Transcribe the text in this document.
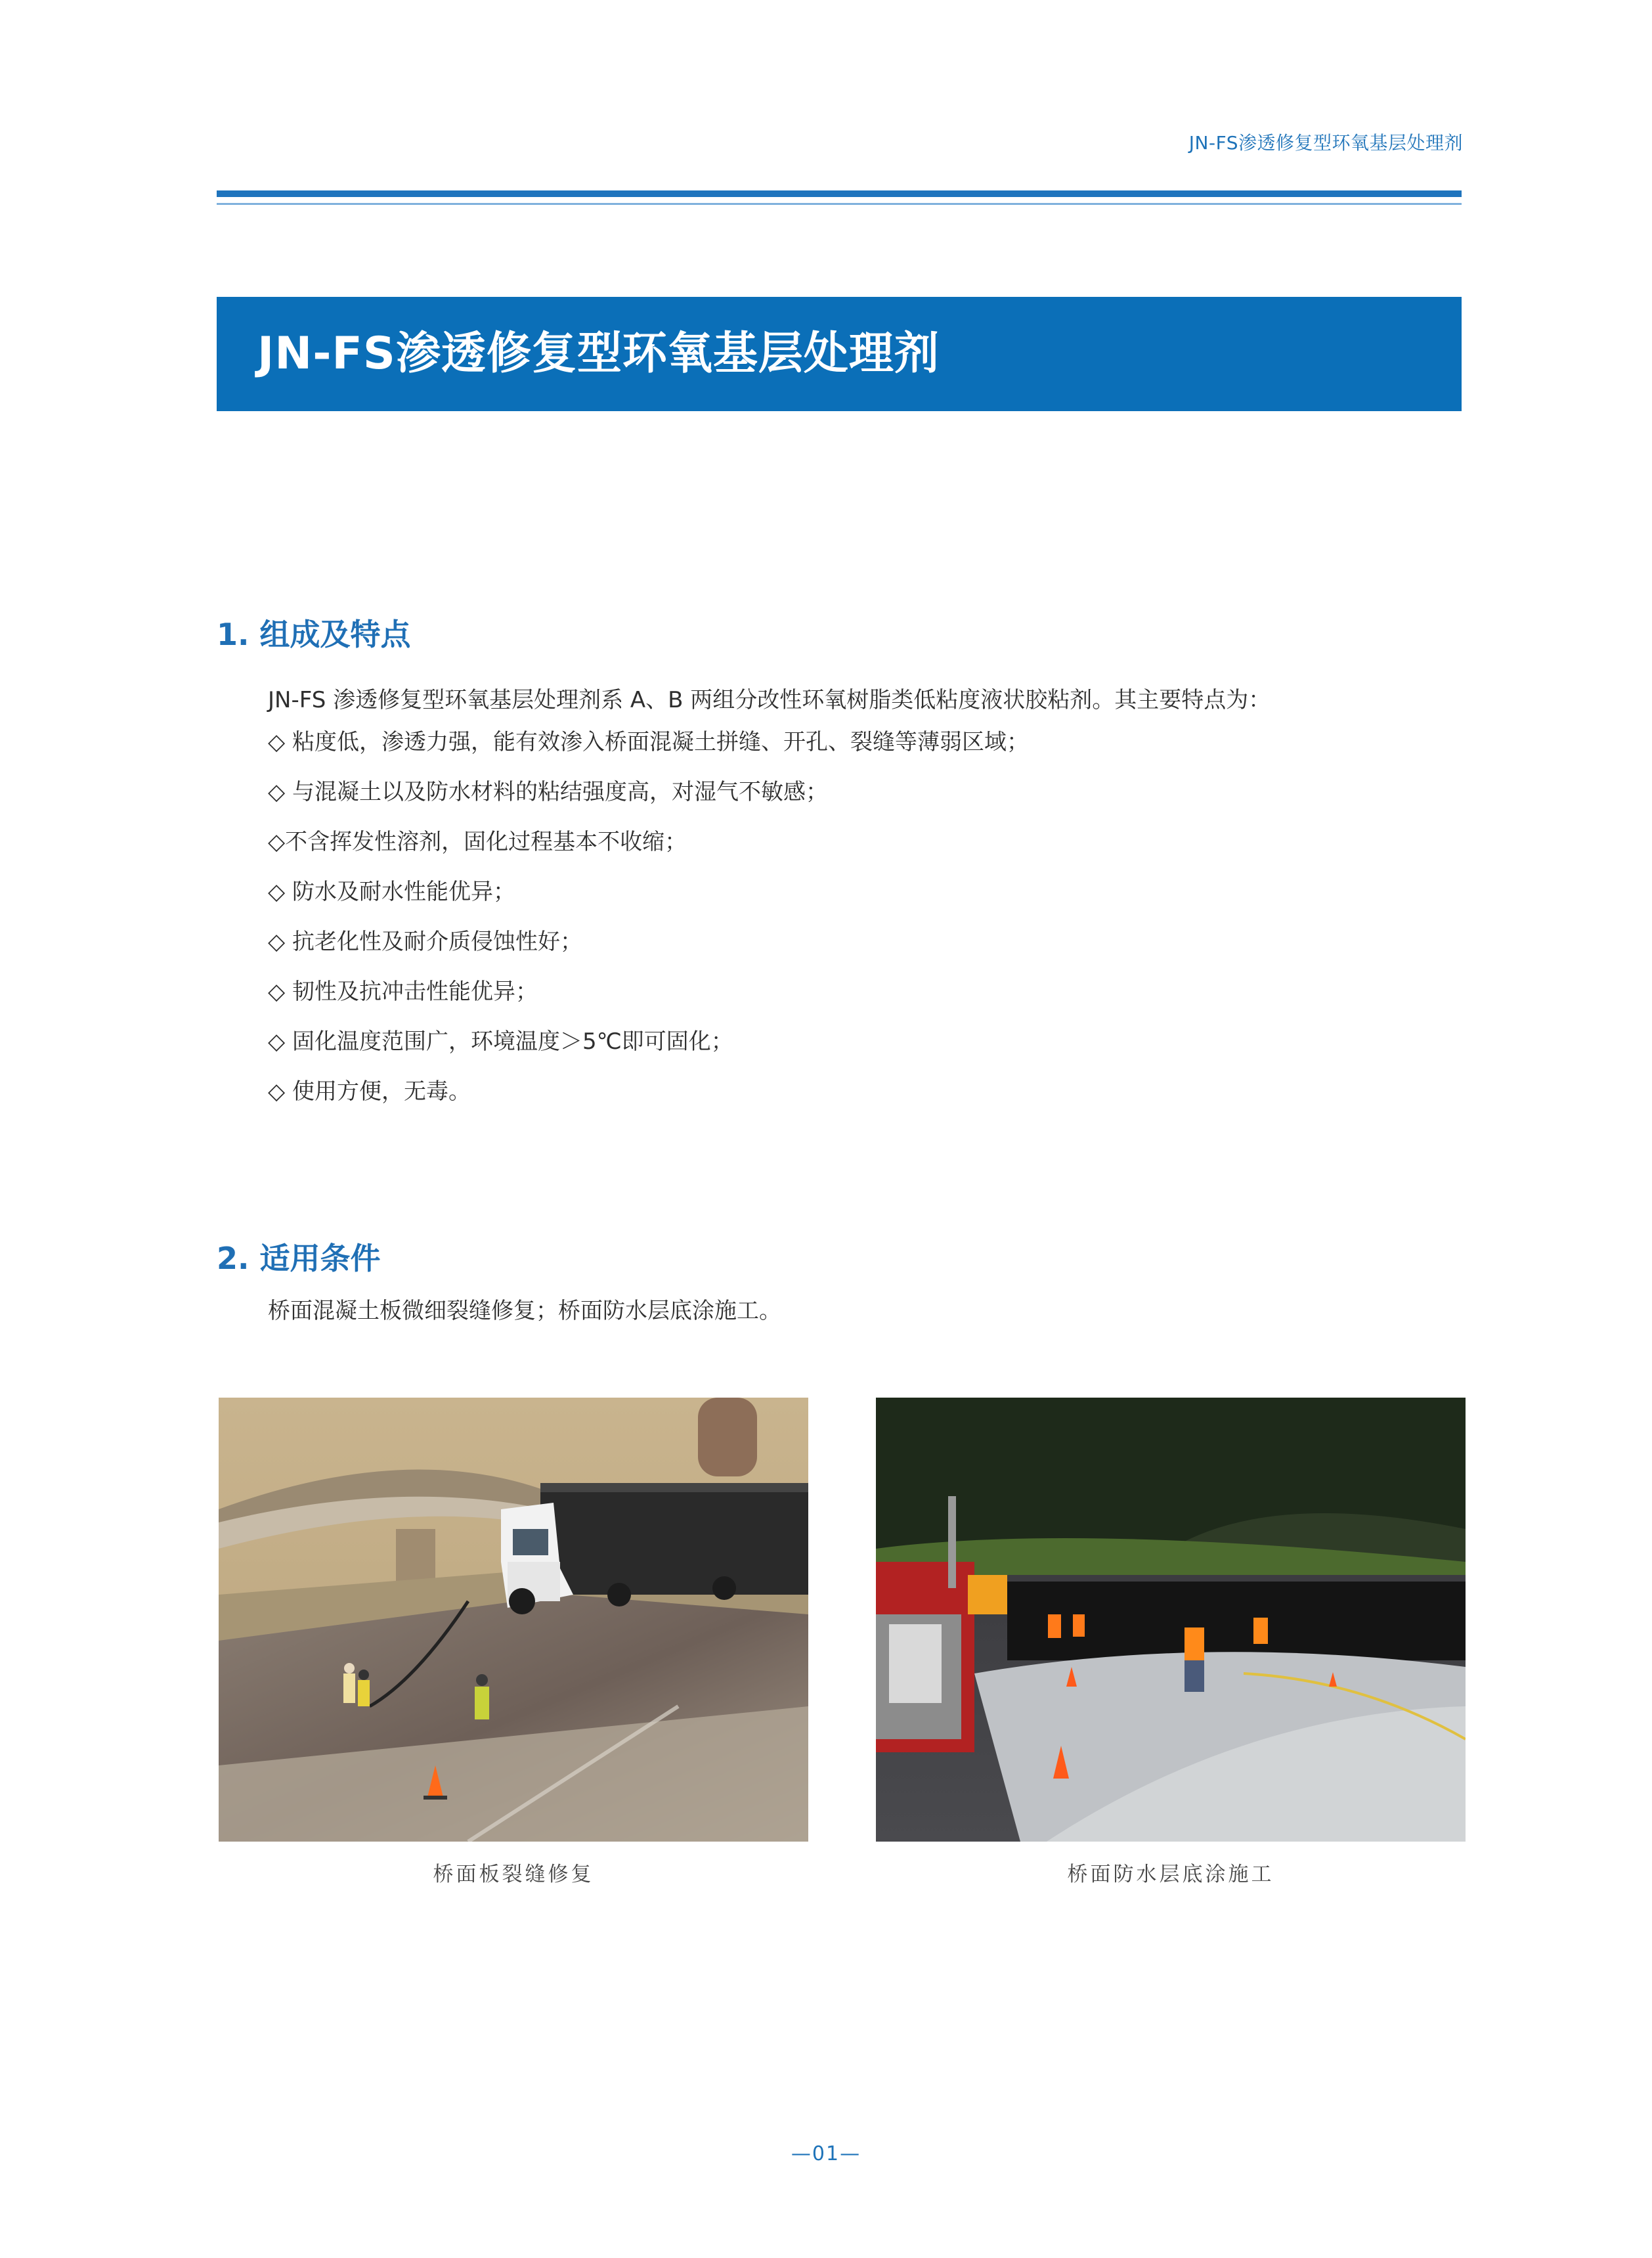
JN-FS渗透修复型环氧基层处理剂
JN-FS渗透修复型环氧基层处理剂
1. 组成及特点
JN-FS 渗透修复型环氧基层处理剂系 A、B 两组分改性环氧树脂类低粘度液状胶粘剂。其主要特点为：
◇ 粘度低，渗透力强，能有效渗入桥面混凝土拼缝、开孔、裂缝等薄弱区域；
◇ 与混凝土以及防水材料的粘结强度高，对湿气不敏感；
◇不含挥发性溶剂，固化过程基本不收缩；
◇ 防水及耐水性能优异；
◇ 抗老化性及耐介质侵蚀性好；
◇ 韧性及抗冲击性能优异；
◇ 固化温度范围广，环境温度＞5℃即可固化；
◇ 使用方便，无毒。
2. 适用条件
桥面混凝土板微细裂缝修复；桥面防水层底涂施工。
桥面板裂缝修复	桥面防水层底涂施工
—01—
